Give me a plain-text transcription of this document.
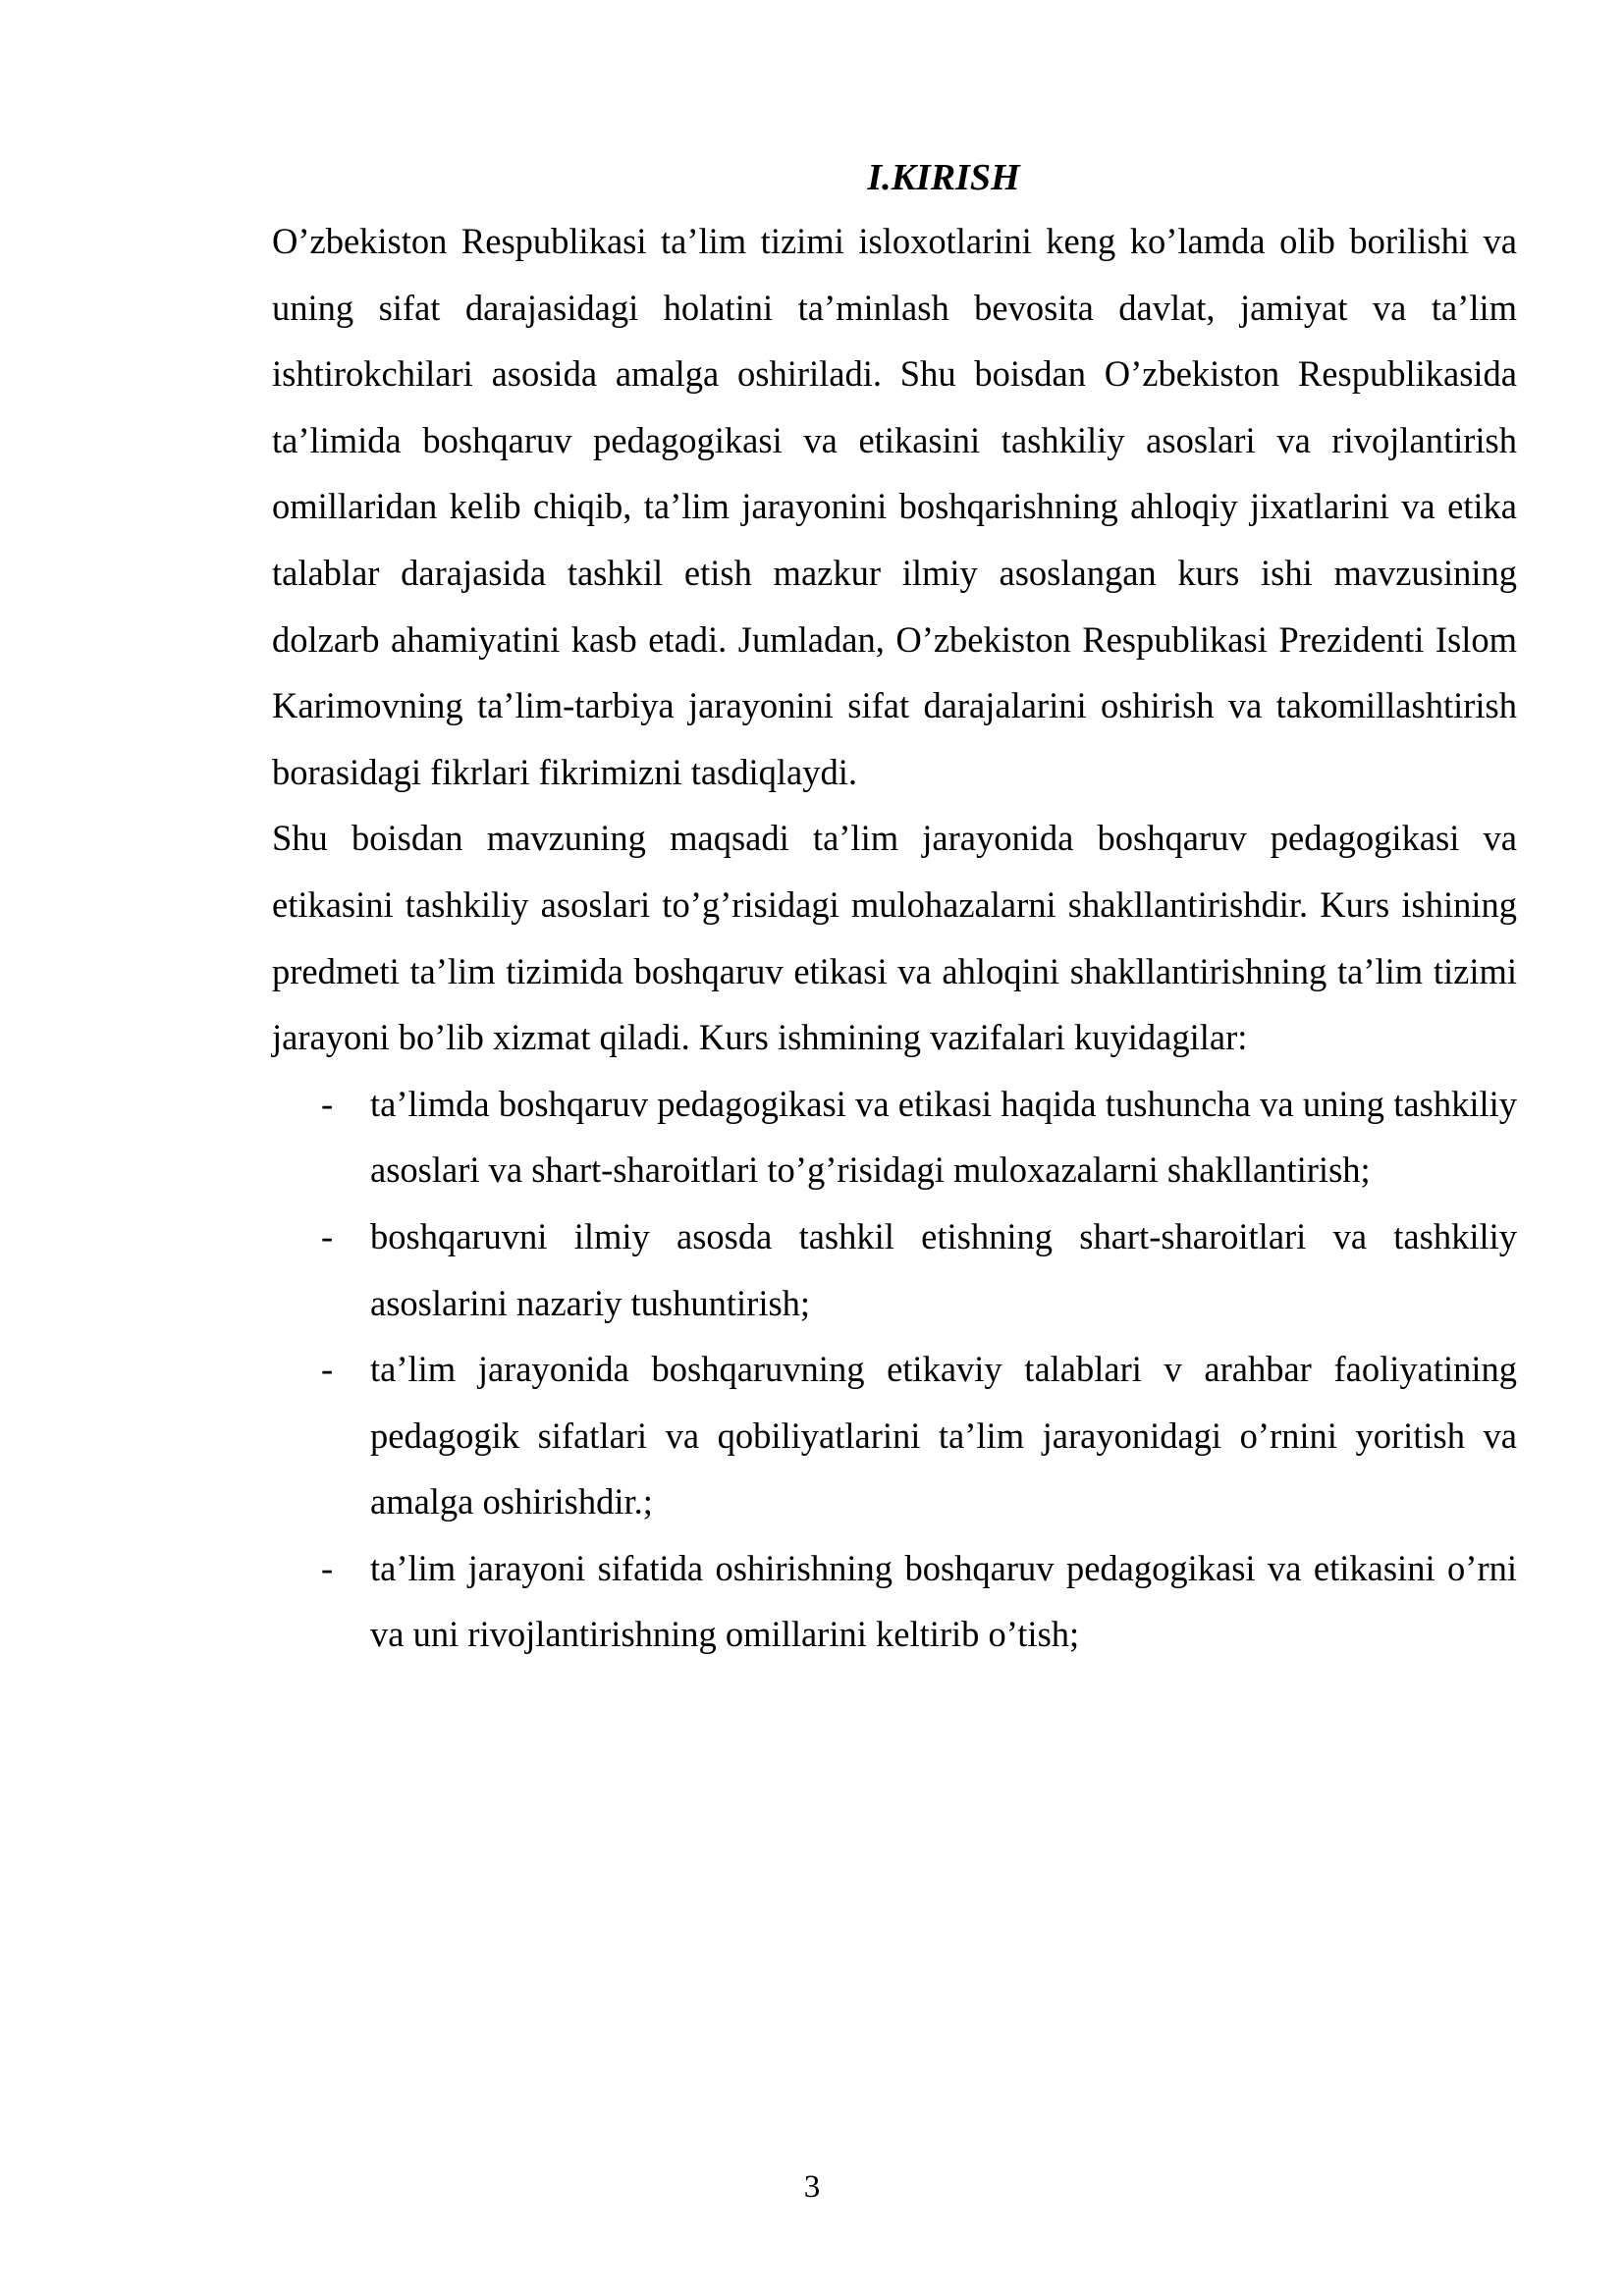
I.KIRISH

O’zbekiston Respublikasi ta’lim tizimi isloxotlarini keng ko’lamda olib borilishi va uning sifat darajasidagi holatini ta’minlash bevosita davlat, jamiyat va ta’lim ishtirokchilari asosida amalga oshiriladi. Shu boisdan O’zbekiston Respublikasida ta’limida boshqaruv pedagogikasi va etikasini tashkiliy asoslari va rivojlantirish omillaridan kelib chiqib, ta’lim jarayonini boshqarishning ahloqiy jixatlarini va etika talablar darajasida tashkil etish mazkur ilmiy asoslangan kurs ishi mavzusining dolzarb ahamiyatini kasb etadi. Jumladan, O’zbekiston Respublikasi Prezidenti Islom Karimovning ta’lim-tarbiya jarayonini sifat darajalarini oshirish va takomillashtirish borasidagi fikrlari fikrimizni tasdiqlaydi.

Shu boisdan mavzuning maqsadi ta’lim jarayonida boshqaruv pedagogikasi va etikasini tashkiliy asoslari to’g’risidagi mulohazalarni shakllantirishdir. Kurs ishining predmeti ta’lim tizimida boshqaruv etikasi va ahloqini shakllantirishning ta’lim tizimi jarayoni bo’lib xizmat qiladi. Kurs ishmining vazifalari kuyidagilar:

- ta’limda boshqaruv pedagogikasi va etikasi haqida tushuncha va uning tashkiliy asoslari va shart-sharoitlari to’g’risidagi muloxazalarni shakllantirish;
- boshqaruvni ilmiy asosda tashkil etishning shart-sharoitlari va tashkiliy asoslarini nazariy tushuntirish;
- ta’lim jarayonida boshqaruvning etikaviy talablari v arahbar faoliyatining pedagogik sifatlari va qobiliyatlarini ta’lim jarayonidagi o’rnini yoritish va amalga oshirishdir.;
- ta’lim jarayoni sifatida oshirishning boshqaruv pedagogikasi va etikasini o’rni va uni rivojlantirishning omillarini keltirib o’tish;
3
